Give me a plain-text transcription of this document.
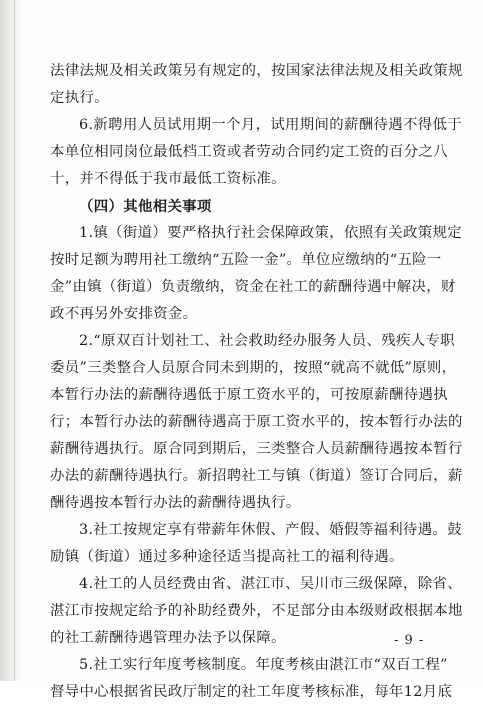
法律法规及相关政策另有规定的，按国家法律法规及相关政策规
定执行。
6.新聘用人员试用期一个月，试用期间的薪酬待遇不得低于
本单位相同岗位最低档工资或者劳动合同约定工资的百分之八
十，并不得低于我市最低工资标准。
（四）其他相关事项
1.镇（街道）要严格执行社会保障政策，依照有关政策规定
按时足额为聘用社工缴纳“五险一金”。单位应缴纳的“五险一
金”由镇（街道）负责缴纳，资金在社工的薪酬待遇中解决，财
政不再另外安排资金。
2.“原双百计划社工、社会救助经办服务人员、残疾人专职
委员”三类整合人员原合同未到期的，按照“就高不就低”原则，
本暂行办法的薪酬待遇低于原工资水平的，可按原薪酬待遇执
行；本暂行办法的薪酬待遇高于原工资水平的，按本暂行办法的
薪酬待遇执行。原合同到期后，三类整合人员薪酬待遇按本暂行
办法的薪酬待遇执行。新招聘社工与镇（街道）签订合同后，薪
酬待遇按本暂行办法的薪酬待遇执行。
3.社工按规定享有带薪年休假、产假、婚假等福利待遇。鼓
励镇（街道）通过多种途径适当提高社工的福利待遇。
4.社工的人员经费由省、湛江市、吴川市三级保障，除省、
湛江市按规定给予的补助经费外，不足部分由本级财政根据本地
的社工薪酬待遇管理办法予以保障。
5.社工实行年度考核制度。年度考核由湛江市“双百工程”
督导中心根据省民政厅制定的社工年度考核标准，每年12月底
- 9 -
